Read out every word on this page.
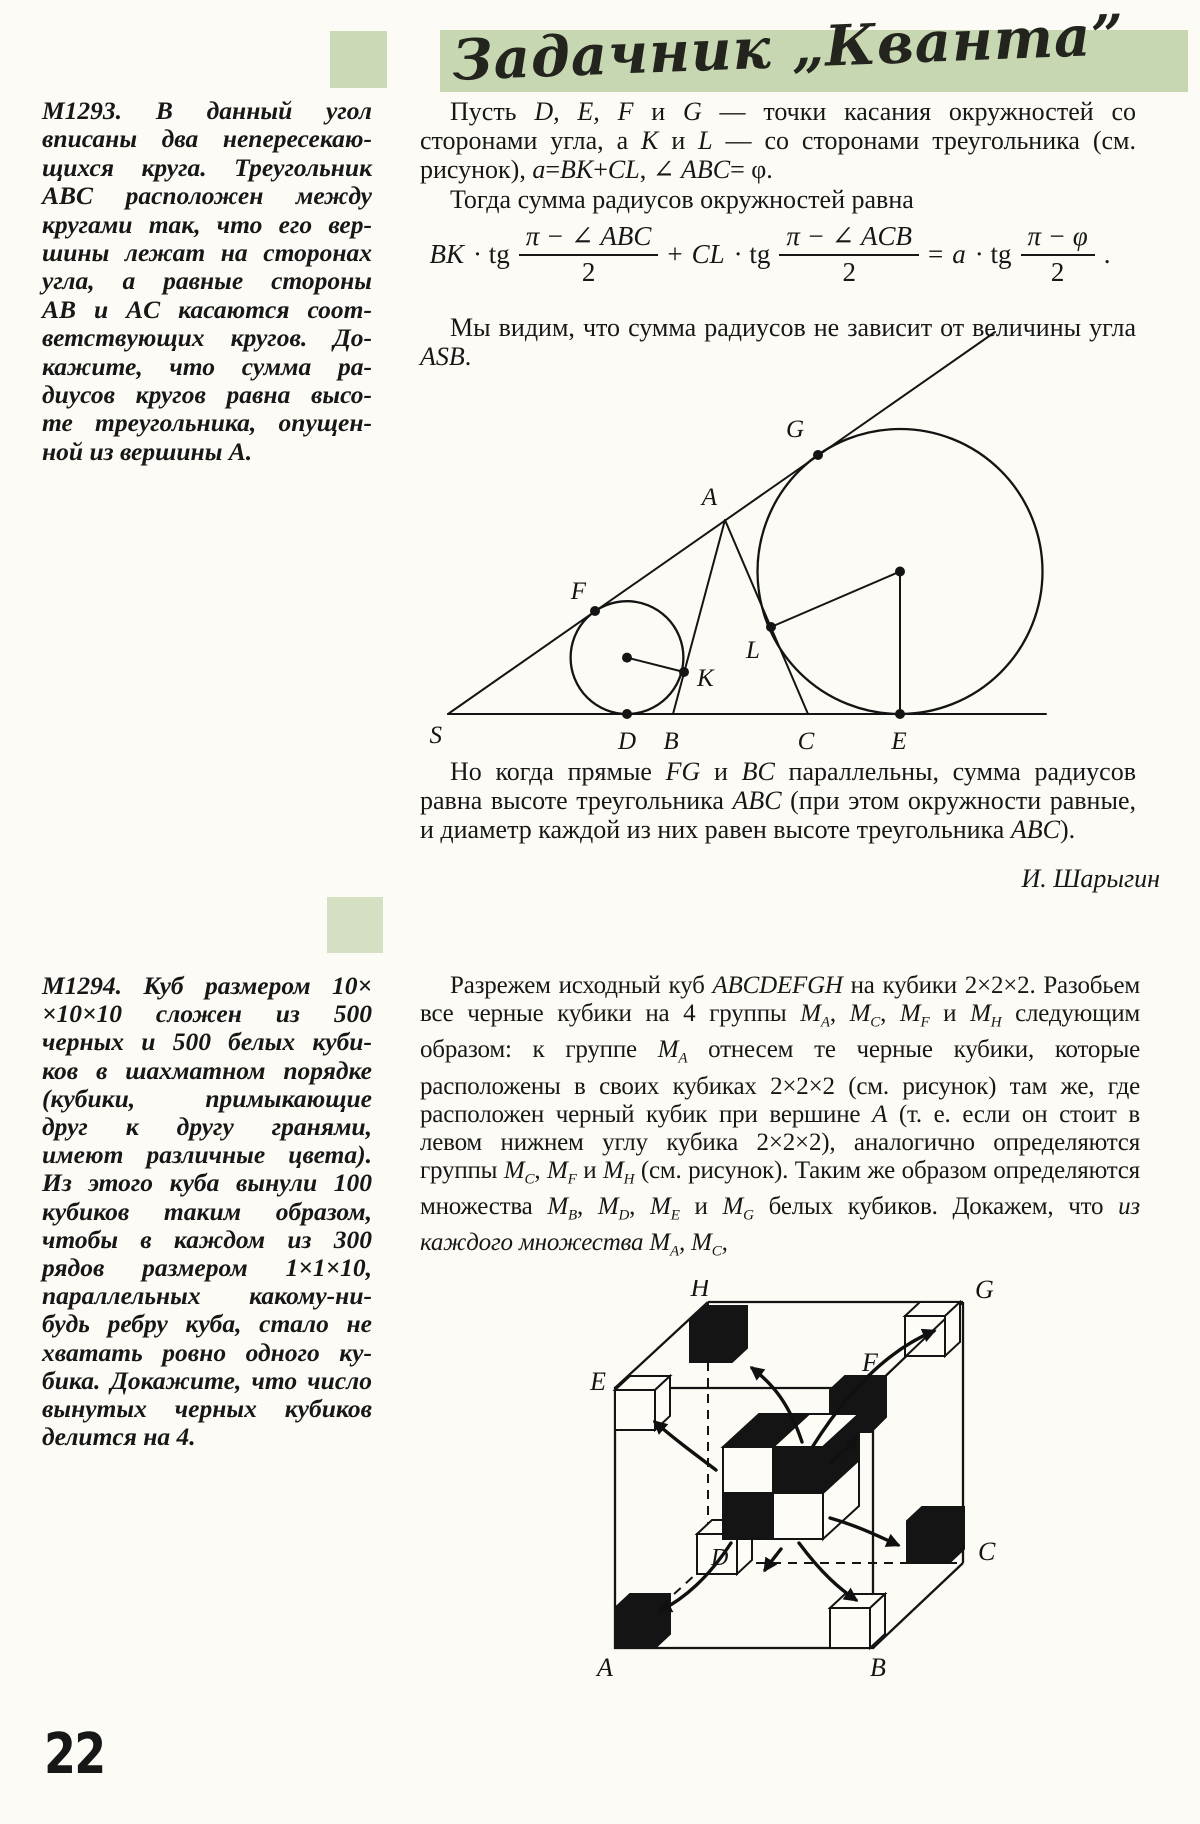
Задачник „Кванта”
М1293. В данный угол
вписаны два непересекаю-
щихся круга. Треугольник
ABC расположен между
кругами так, что его вер-
шины лежат на сторонах
угла, а равные стороны
AB и AC касаются соот-
ветствующих кругов. До-
кажите, что сумма ра-
диусов кругов равна высо-
те треугольника, опущен-
ной из вершины A.

Пусть D, E, F и G — точки касания окружностей со сторонами угла, а K и L — со сторонами треугольника (см. рисунок), a=BK+CL, ∠ ABC= φ.

Тогда сумма радиусов окружностей равна

BK · tg $\frac{\text{π − ∠ ABC}}{2}$ + CL · tg $\frac{\text{π − ∠ ACB}}{2} = a$ · tg $\frac{\pi - \varphi}{2}$ .

Мы видим, что сумма радиусов не зависит от величины угла ASB.

S	D B	C	E
F
A
G
K
L

Но когда прямые FG и BC параллельны, сумма радиусов равна высоте треугольника ABC (при этом окружности равные, и диаметр каждой из них равен высоте треугольника ABC).

И. Шарыгин
М1294. Куб размером 10×
×10×10 сложен из 500
черных и 500 белых куби-
ков в шахматном порядке
(кубики, примыкающие
друг к другу гранями,
имеют различные цвета).
Из этого куба вынули 100
кубиков таким образом,
чтобы в каждом из 300
рядов размером 1×1×10,
параллельных какому-ни-
будь ребру куба, стало не
хватать ровно одного ку-
бика. Докажите, что число
вынутых черных кубиков
делится на 4.

Разрежем исходный куб ABCDEFGH на кубики 2×2×2. Разобьем все черные кубики на 4 группы $M_A$, $M_C$, $M_F$ и $M_H$ следующим образом: к группе $M_A$ отнесем те черные кубики, которые расположены в своих кубиках 2×2×2 (см. рисунок) там же, где расположен черный кубик при вершине A (т. е. если он стоит в левом нижнем углу кубика 2×2×2), аналогично определяются группы $M_C$, $M_F$ и $M_H$ (см. рисунок). Таким же образом определяются множества $M_B$, $M_D$, $M_E$ и $M_G$ белых кубиков. Докажем, что из каждого множества $M_A$, $M_C$,

H	G
E
F
D
A	B
C
22
